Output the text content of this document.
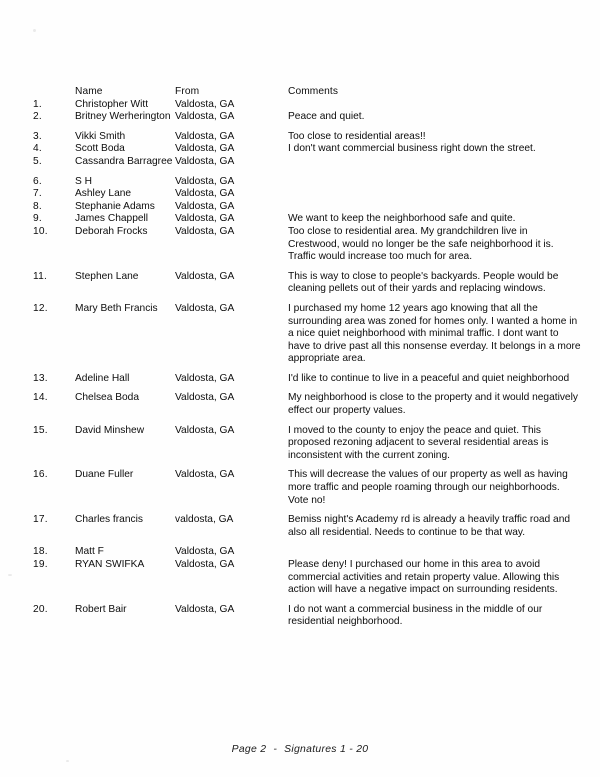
	Name	From	Comments
1.	Christopher Witt	Valdosta, GA	
2.	Britney Werherington	Valdosta, GA	Peace and quiet.
3.	Vikki Smith	Valdosta, GA	Too close to residential areas!!
4.	Scott Boda	Valdosta, GA	I don't want commercial business right down the street.
5.	Cassandra Barragree	Valdosta, GA	
6.	S H	Valdosta, GA	
7.	Ashley Lane	Valdosta, GA	
8.	Stephanie Adams	Valdosta, GA	
9.	James Chappell	Valdosta, GA	We want to keep the neighborhood safe and quite.
10.	Deborah Frocks	Valdosta, GA	Too close to residential area. My grandchildren live in Crestwood, would no longer be the safe neighborhood it is. Traffic would increase too much for area.
11.	Stephen Lane	Valdosta, GA	This is way to close to people's backyards. People would be cleaning pellets out of their yards and replacing windows.
12.	Mary Beth Francis	Valdosta, GA	I purchased my home 12 years ago knowing that all the surrounding area was zoned for homes only. I wanted a home in a nice quiet neighborhood with minimal traffic. I dont want to have to drive past all this nonsense everday. It belongs in a more appropriate area.
13.	Adeline Hall	Valdosta, GA	I'd like to continue to live in a peaceful and quiet neighborhood
14.	Chelsea Boda	Valdosta, GA	My neighborhood is close to the property and it would negatively effect our property values.
15.	David Minshew	Valdosta, GA	I moved to the county to enjoy the peace and quiet. This proposed rezoning adjacent to several residential areas is inconsistent with the current zoning.
16.	Duane Fuller	Valdosta, GA	This will decrease the values of our property as well as having more traffic and people roaming through our neighborhoods. Vote no!
17.	Charles francis	valdosta, GA	Bemiss night's Academy rd is already a heavily traffic road and also all residential. Needs to continue to be that way.
18.	Matt F	Valdosta, GA	
19.	RYAN SWIFKA	Valdosta, GA	Please deny! I purchased our home in this area to avoid commercial activities and retain property value. Allowing this action will have a negative impact on surrounding residents.
20.	Robert Bair	Valdosta, GA	I do not want a commercial business in the middle of our residential neighborhood.
Page 2 - Signatures 1 - 20
